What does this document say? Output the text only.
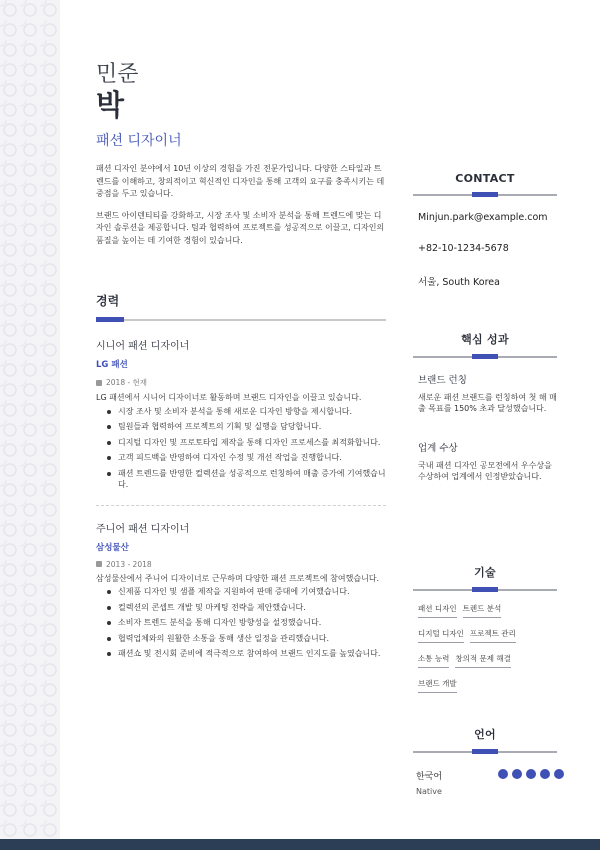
민준
박
패션 디자이너

패션 디자인 분야에서 10년 이상의 경험을 가진 전문가입니다. 다양한 스타일과 트렌드를 이해하고, 창의적이고 혁신적인 디자인을 통해 고객의 요구를 충족시키는 데 중점을 두고 있습니다.

브랜드 아이덴티티를 강화하고, 시장 조사 및 소비자 분석을 통해 트렌드에 맞는 디자인 솔루션을 제공합니다. 팀과 협력하여 프로젝트를 성공적으로 이끌고, 디자인의 품질을 높이는 데 기여한 경험이 있습니다.

경력
시니어 패션 디자이너
LG 패션
2018 - 현재
LG 패션에서 시니어 디자이너로 활동하며 브랜드 디자인을 이끌고 있습니다.
시장 조사 및 소비자 분석을 통해 새로운 디자인 방향을 제시합니다.
팀원들과 협력하여 프로젝트의 기획 및 실행을 담당합니다.
디지털 디자인 및 프로토타입 제작을 통해 디자인 프로세스를 최적화합니다.
고객 피드백을 반영하여 디자인 수정 및 개선 작업을 진행합니다.
패션 트렌드를 반영한 컬렉션을 성공적으로 런칭하여 매출 증가에 기여했습니다.
주니어 패션 디자이너
삼성물산
2013 - 2018
삼성물산에서 주니어 디자이너로 근무하며 다양한 패션 프로젝트에 참여했습니다.
신제품 디자인 및 샘플 제작을 지원하여 판매 증대에 기여했습니다.
컬렉션의 콘셉트 개발 및 마케팅 전략을 제안했습니다.
소비자 트렌드 분석을 통해 디자인 방향성을 설정했습니다.
협력업체와의 원활한 소통을 통해 생산 일정을 관리했습니다.
패션쇼 및 전시회 준비에 적극적으로 참여하여 브랜드 인지도를 높였습니다.
CONTACT
Minjun.park@example.com
+82-10-1234-5678
서울, South Korea
핵심 성과
브랜드 런칭
새로운 패션 브랜드를 런칭하여 첫 해 매출 목표를 150% 초과 달성했습니다.
업계 수상
국내 패션 디자인 공모전에서 우수상을 수상하여 업계에서 인정받았습니다.
기술
패션 디자인 트렌드 분석
디지털 디자인 프로젝트 관리
소통 능력 창의적 문제 해결
브랜드 개발
언어
한국어
Native
